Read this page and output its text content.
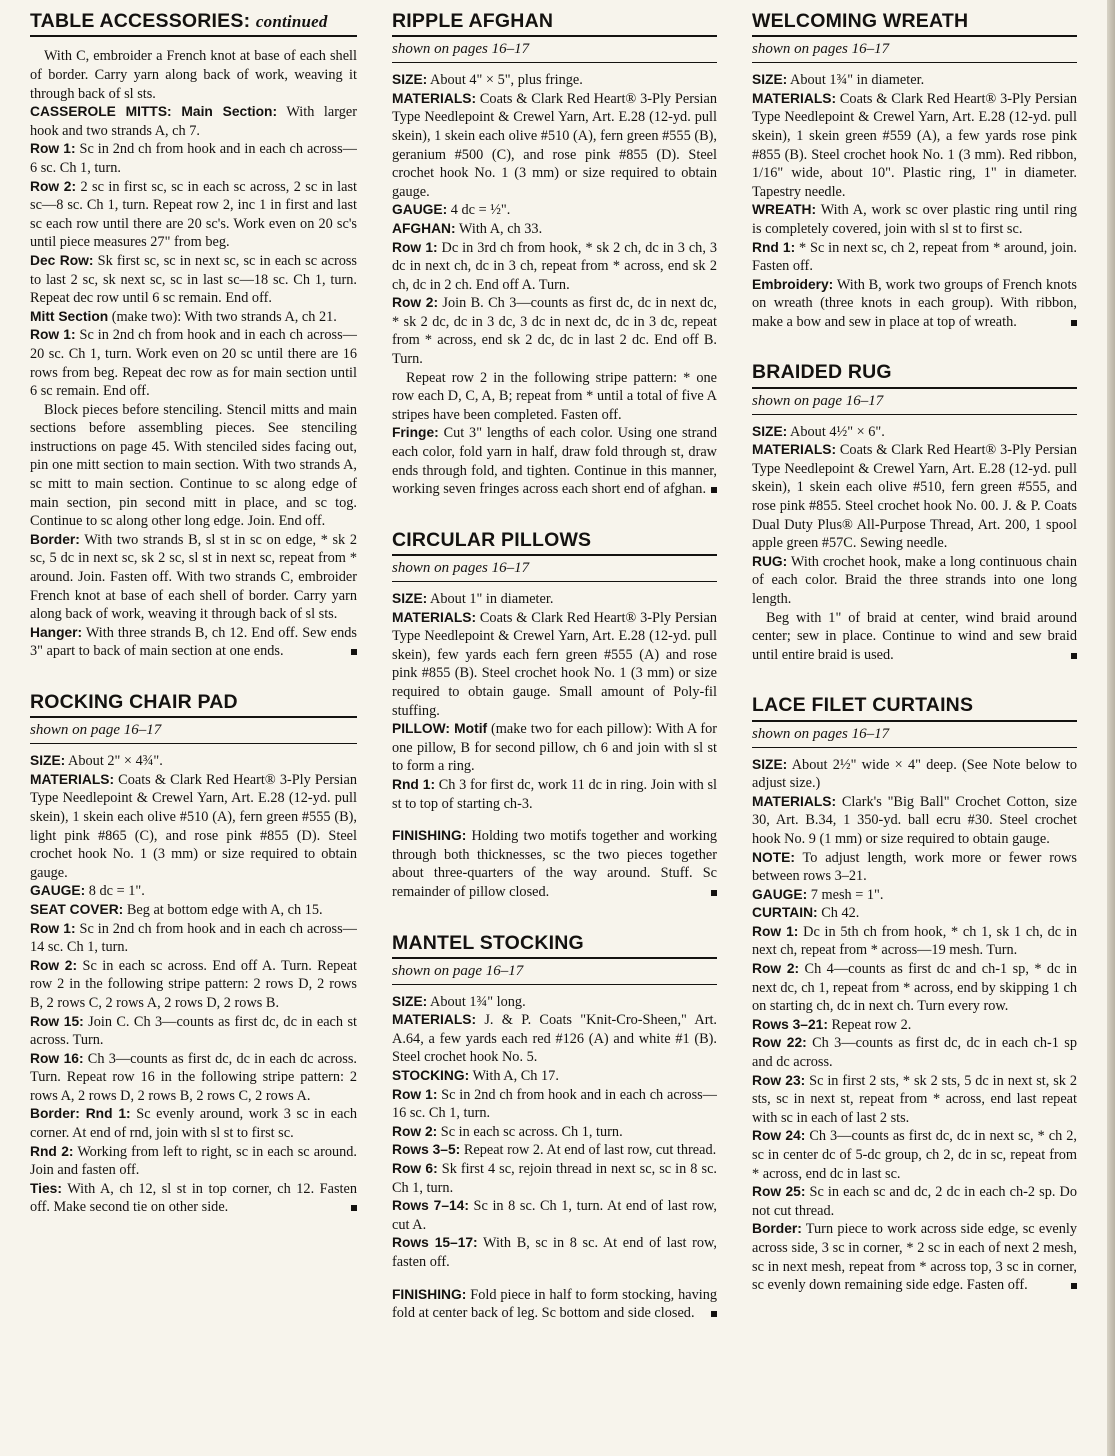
TABLE ACCESSORIES: continued

With C, embroider a French knot at base of each shell of border. Carry yarn along back of work, weaving it through back of sl sts.

CASSEROLE MITTS: Main Section: With larger hook and two strands A, ch 7.

Row 1: Sc in 2nd ch from hook and in each ch across—6 sc. Ch 1, turn.

Row 2: 2 sc in first sc, sc in each sc across, 2 sc in last sc—8 sc. Ch 1, turn. Repeat row 2, inc 1 in first and last sc each row until there are 20 sc's. Work even on 20 sc's until piece measures 27" from beg.

Dec Row: Sk first sc, sc in next sc, sc in each sc across to last 2 sc, sk next sc, sc in last sc—18 sc. Ch 1, turn. Repeat dec row until 6 sc remain. End off.

Mitt Section (make two): With two strands A, ch 21.

Row 1: Sc in 2nd ch from hook and in each ch across—20 sc. Ch 1, turn. Work even on 20 sc until there are 16 rows from beg. Repeat dec row as for main section until 6 sc remain. End off.

Block pieces before stenciling. Stencil mitts and main sections before assembling pieces. See stenciling instructions on page 45. With stenciled sides facing out, pin one mitt section to main section. With two strands A, sc mitt to main section. Continue to sc along edge of main section, pin second mitt in place, and sc tog. Continue to sc along other long edge. Join. End off.

Border: With two strands B, sl st in sc on edge, * sk 2 sc, 5 dc in next sc, sk 2 sc, sl st in next sc, repeat from * around. Join. Fasten off. With two strands C, embroider French knot at base of each shell of border. Carry yarn along back of work, weaving it through back of sl sts.

Hanger: With three strands B, ch 12. End off. Sew ends 3" apart to back of main section at one ends.

ROCKING CHAIR PAD
shown on page 16–17

SIZE: About 2" × 4¾".

MATERIALS: Coats & Clark Red Heart® 3-Ply Persian Type Needlepoint & Crewel Yarn, Art. E.28 (12-yd. pull skein), 1 skein each olive #510 (A), fern green #555 (B), light pink #865 (C), and rose pink #855 (D). Steel crochet hook No. 1 (3 mm) or size required to obtain gauge.

GAUGE: 8 dc = 1".

SEAT COVER: Beg at bottom edge with A, ch 15.

Row 1: Sc in 2nd ch from hook and in each ch across—14 sc. Ch 1, turn.

Row 2: Sc in each sc across. End off A. Turn. Repeat row 2 in the following stripe pattern: 2 rows D, 2 rows B, 2 rows C, 2 rows A, 2 rows D, 2 rows B.

Row 15: Join C. Ch 3—counts as first dc, dc in each st across. Turn.

Row 16: Ch 3—counts as first dc, dc in each dc across. Turn. Repeat row 16 in the following stripe pattern: 2 rows A, 2 rows D, 2 rows B, 2 rows C, 2 rows A.

Border: Rnd 1: Sc evenly around, work 3 sc in each corner. At end of rnd, join with sl st to first sc.

Rnd 2: Working from left to right, sc in each sc around. Join and fasten off.

Ties: With A, ch 12, sl st in top corner, ch 12. Fasten off. Make second tie on other side.

RIPPLE AFGHAN
shown on pages 16–17

SIZE: About 4" × 5", plus fringe.

MATERIALS: Coats & Clark Red Heart® 3-Ply Persian Type Needlepoint & Crewel Yarn, Art. E.28 (12-yd. pull skein), 1 skein each olive #510 (A), fern green #555 (B), geranium #500 (C), and rose pink #855 (D). Steel crochet hook No. 1 (3 mm) or size required to obtain gauge.

GAUGE: 4 dc = ½".

AFGHAN: With A, ch 33.

Row 1: Dc in 3rd ch from hook, * sk 2 ch, dc in 3 ch, 3 dc in next ch, dc in 3 ch, repeat from * across, end sk 2 ch, dc in 2 ch. End off A. Turn.

Row 2: Join B. Ch 3—counts as first dc, dc in next dc, * sk 2 dc, dc in 3 dc, 3 dc in next dc, dc in 3 dc, repeat from * across, end sk 2 dc, dc in last 2 dc. End off B. Turn.

Repeat row 2 in the following stripe pattern: * one row each D, C, A, B; repeat from * until a total of five A stripes have been completed. Fasten off.

Fringe: Cut 3" lengths of each color. Using one strand each color, fold yarn in half, draw fold through st, draw ends through fold, and tighten. Continue in this manner, working seven fringes across each short end of afghan.

CIRCULAR PILLOWS
shown on pages 16–17

SIZE: About 1" in diameter.

MATERIALS: Coats & Clark Red Heart® 3-Ply Persian Type Needlepoint & Crewel Yarn, Art. E.28 (12-yd. pull skein), few yards each fern green #555 (A) and rose pink #855 (B). Steel crochet hook No. 1 (3 mm) or size required to obtain gauge. Small amount of Poly-fil stuffing.

PILLOW: Motif (make two for each pillow): With A for one pillow, B for second pillow, ch 6 and join with sl st to form a ring.

Rnd 1: Ch 3 for first dc, work 11 dc in ring. Join with sl st to top of starting ch-3.

FINISHING: Holding two motifs together and working through both thicknesses, sc the two pieces together about three-quarters of the way around. Stuff. Sc remainder of pillow closed.

MANTEL STOCKING
shown on page 16–17

SIZE: About 1¾" long.

MATERIALS: J. & P. Coats "Knit-Cro-Sheen," Art. A.64, a few yards each red #126 (A) and white #1 (B). Steel crochet hook No. 5.

STOCKING: With A, Ch 17.

Row 1: Sc in 2nd ch from hook and in each ch across—16 sc. Ch 1, turn.

Row 2: Sc in each sc across. Ch 1, turn.

Rows 3–5: Repeat row 2. At end of last row, cut thread.

Row 6: Sk first 4 sc, rejoin thread in next sc, sc in 8 sc. Ch 1, turn.

Rows 7–14: Sc in 8 sc. Ch 1, turn. At end of last row, cut A.

Rows 15–17: With B, sc in 8 sc. At end of last row, fasten off.

FINISHING: Fold piece in half to form stocking, having fold at center back of leg. Sc bottom and side closed.

WELCOMING WREATH
shown on pages 16–17

SIZE: About 1¾" in diameter.

MATERIALS: Coats & Clark Red Heart® 3-Ply Persian Type Needlepoint & Crewel Yarn, Art. E.28 (12-yd. pull skein), 1 skein green #559 (A), a few yards rose pink #855 (B). Steel crochet hook No. 1 (3 mm). Red ribbon, 1/16" wide, about 10". Plastic ring, 1" in diameter. Tapestry needle.

WREATH: With A, work sc over plastic ring until ring is completely covered, join with sl st to first sc.

Rnd 1: * Sc in next sc, ch 2, repeat from * around, join. Fasten off.

Embroidery: With B, work two groups of French knots on wreath (three knots in each group). With ribbon, make a bow and sew in place at top of wreath.

BRAIDED RUG
shown on page 16–17

SIZE: About 4½" × 6".

MATERIALS: Coats & Clark Red Heart® 3-Ply Persian Type Needlepoint & Crewel Yarn, Art. E.28 (12-yd. pull skein), 1 skein each olive #510, fern green #555, and rose pink #855. Steel crochet hook No. 00. J. & P. Coats Dual Duty Plus® All-Purpose Thread, Art. 200, 1 spool apple green #57C. Sewing needle.

RUG: With crochet hook, make a long continuous chain of each color. Braid the three strands into one long length.

Beg with 1" of braid at center, wind braid around center; sew in place. Continue to wind and sew braid until entire braid is used.

LACE FILET CURTAINS
shown on pages 16–17

SIZE: About 2½" wide × 4" deep. (See Note below to adjust size.)

MATERIALS: Clark's "Big Ball" Crochet Cotton, size 30, Art. B.34, 1 350-yd. ball ecru #30. Steel crochet hook No. 9 (1 mm) or size required to obtain gauge.

NOTE: To adjust length, work more or fewer rows between rows 3–21.

GAUGE: 7 mesh = 1".

CURTAIN: Ch 42.

Row 1: Dc in 5th ch from hook, * ch 1, sk 1 ch, dc in next ch, repeat from * across—19 mesh. Turn.

Row 2: Ch 4—counts as first dc and ch-1 sp, * dc in next dc, ch 1, repeat from * across, end by skipping 1 ch on starting ch, dc in next ch. Turn every row.

Rows 3–21: Repeat row 2.

Row 22: Ch 3—counts as first dc, dc in each ch-1 sp and dc across.

Row 23: Sc in first 2 sts, * sk 2 sts, 5 dc in next st, sk 2 sts, sc in next st, repeat from * across, end last repeat with sc in each of last 2 sts.

Row 24: Ch 3—counts as first dc, dc in next sc, * ch 2, sc in center dc of 5-dc group, ch 2, dc in sc, repeat from * across, end dc in last sc.

Row 25: Sc in each sc and dc, 2 dc in each ch-2 sp. Do not cut thread.

Border: Turn piece to work across side edge, sc evenly across side, 3 sc in corner, * 2 sc in each of next 2 mesh, sc in next mesh, repeat from * across top, 3 sc in corner, sc evenly down remaining side edge. Fasten off.
